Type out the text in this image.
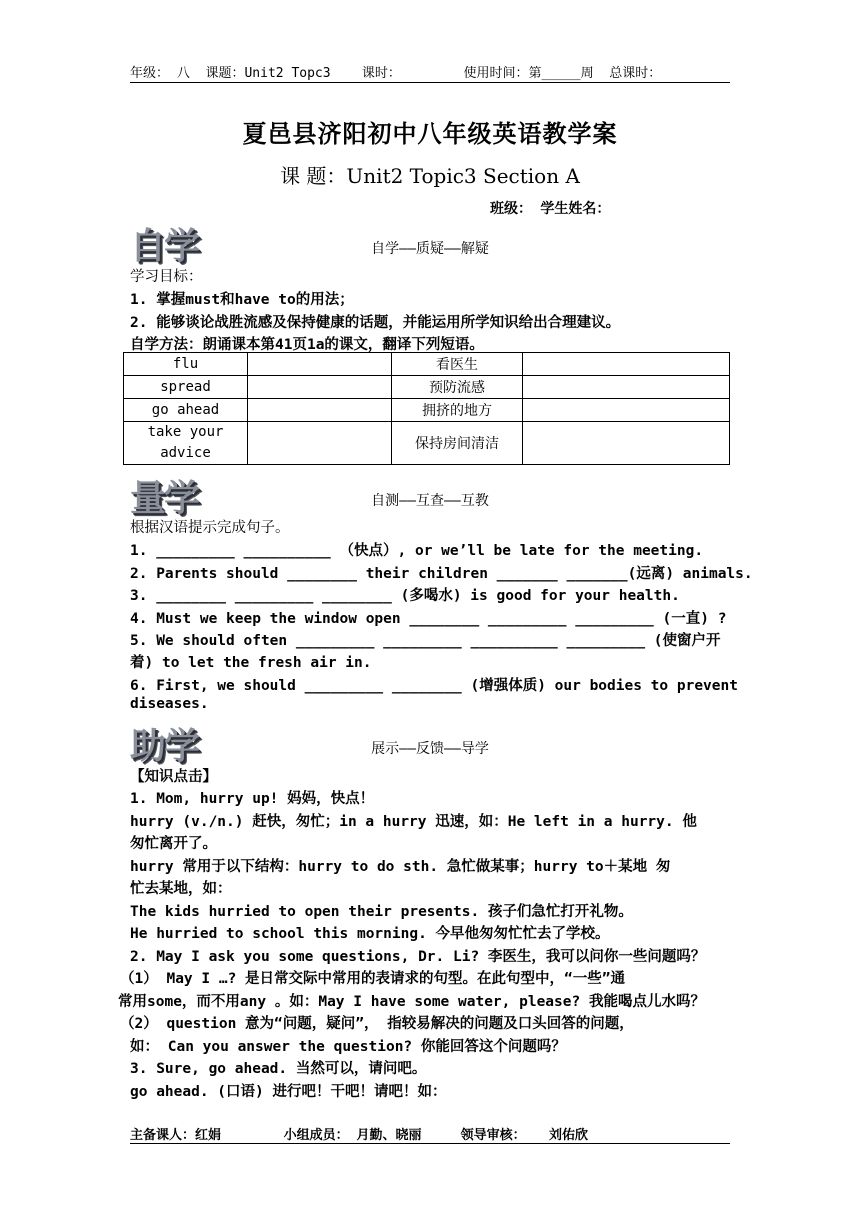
年级： 八  课题：Unit2 Topc3    课时：        使用时间：第_____周  总课时：
夏邑县济阳初中八年级英语教学案
课 题：Unit2 Topic3 Section A
班级： 学生姓名：
自学	自学——质疑——解疑
学习目标：
1. 掌握must和have to的用法；
2. 能够谈论战胜流感及保持健康的话题，并能运用所学知识给出合理建议。
自学方法：朗诵课本第41页1a的课文，翻译下列短语。
flu		看医生	
spread		预防流感	
go ahead		拥挤的地方	
take your advice		保持房间清洁	
量学	自测——互查——互教
根据汉语提示完成句子。
1. _________ __________ （快点）, or we’ll be late for the meeting.
2. Parents should ________ their children _______ _______(远离) animals.
3. ________ _________ ________ (多喝水) is good for your health.
4. Must we keep the window open ________ _________ _________ (一直) ?
5. We should often _________ _________ __________ _________ (使窗户开
着) to let the fresh air in.
6. First, we should _________ ________ (增强体质) our bodies to prevent
diseases.
助学	展示——反馈——导学
【知识点击】
1. Mom, hurry up! 妈妈，快点！
hurry (v./n.) 赶快，匆忙；in a hurry 迅速，如：He left in a hurry. 他
匆忙离开了。
hurry 常用于以下结构：hurry to do sth. 急忙做某事；hurry to＋某地 匆
忙去某地，如：
The kids hurried to open their presents. 孩子们急忙打开礼物。
He hurried to school this morning. 今早他匆匆忙忙去了学校。
2. May I ask you some questions, Dr. Li? 李医生，我可以问你一些问题吗？
（1） May I …? 是日常交际中常用的表请求的句型。在此句型中，“一些”通
常用some，而不用any 。如：May I have some water, please? 我能喝点儿水吗？
（2） question 意为“问题，疑问”， 指较易解决的问题及口头回答的问题，
如： Can you answer the question? 你能回答这个问题吗？
3. Sure, go ahead. 当然可以，请问吧。
go ahead. (口语) 进行吧！干吧！请吧！如：
主备课人：红娟        小组成员： 月勤、晓丽     领导审核：   刘佑欣
